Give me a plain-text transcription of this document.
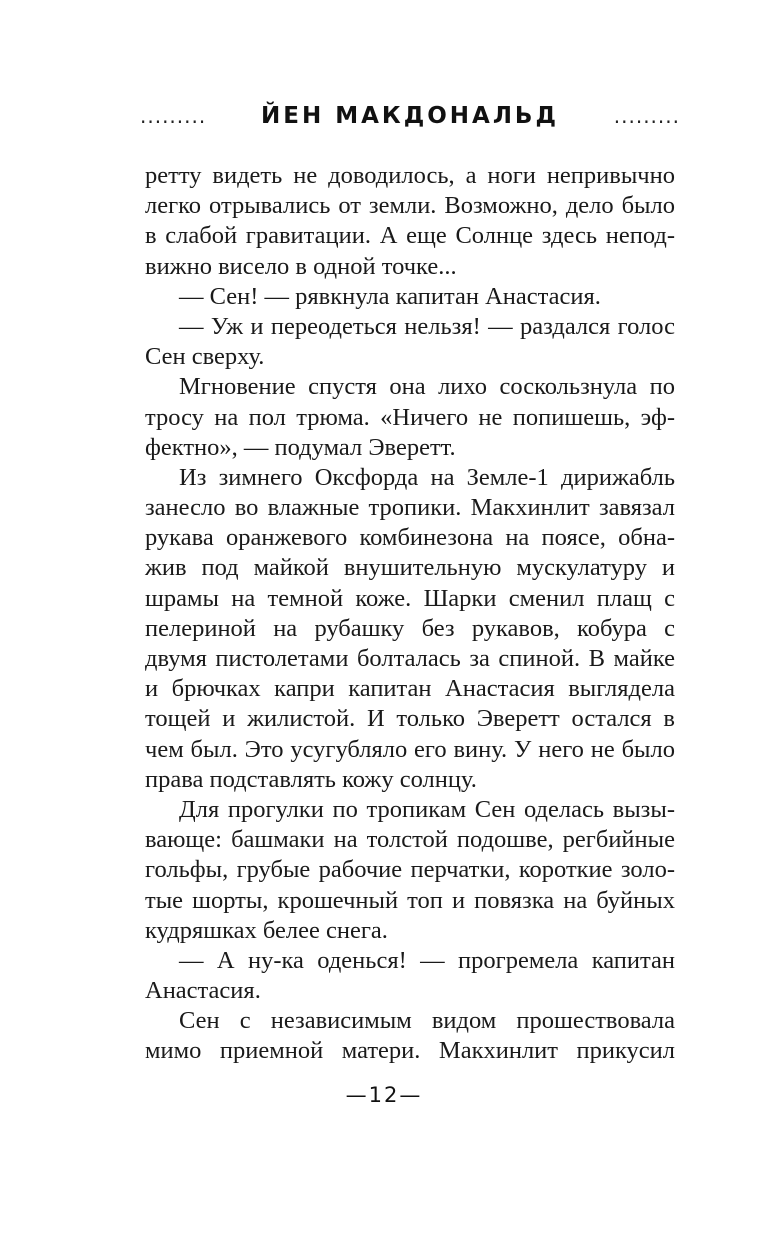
......... ЙЕН МАКДОНАЛЬД	.........
ретту видеть не доводилось, а ноги непривычно
легко отрывались от земли. Возможно, дело было
в слабой гравитации. А еще Солнце здесь непод-
вижно висело в одной точке...
— Сен! — рявкнула капитан Анастасия.
— Уж и переодеться нельзя! — раздался голос
Сен сверху.
Мгновение спустя она лихо соскользнула по
тросу на пол трюма. «Ничего не попишешь, эф-
фектно», — подумал Эверетт.
Из зимнего Оксфорда на Земле-1 дирижабль
занесло во влажные тропики. Макхинлит завязал
рукава оранжевого комбинезона на поясе, обна-
жив под майкой внушительную мускулатуру и
шрамы на темной коже. Шарки сменил плащ с
пелериной на рубашку без рукавов, кобура с
двумя пистолетами болталась за спиной. В майке
и брючках капри капитан Анастасия выглядела
тощей и жилистой. И только Эверетт остался в
чем был. Это усугубляло его вину. У него не было
права подставлять кожу солнцу.
Для прогулки по тропикам Сен оделась вызы-
вающе: башмаки на толстой подошве, регбийные
гольфы, грубые рабочие перчатки, короткие золо-
тые шорты, крошечный топ и повязка на буйных
кудряшках белее снега.
— А ну-ка оденься! — прогремела капитан
Анастасия.
Сен с независимым видом прошествовала
мимо приемной матери. Макхинлит прикусил
—12—
